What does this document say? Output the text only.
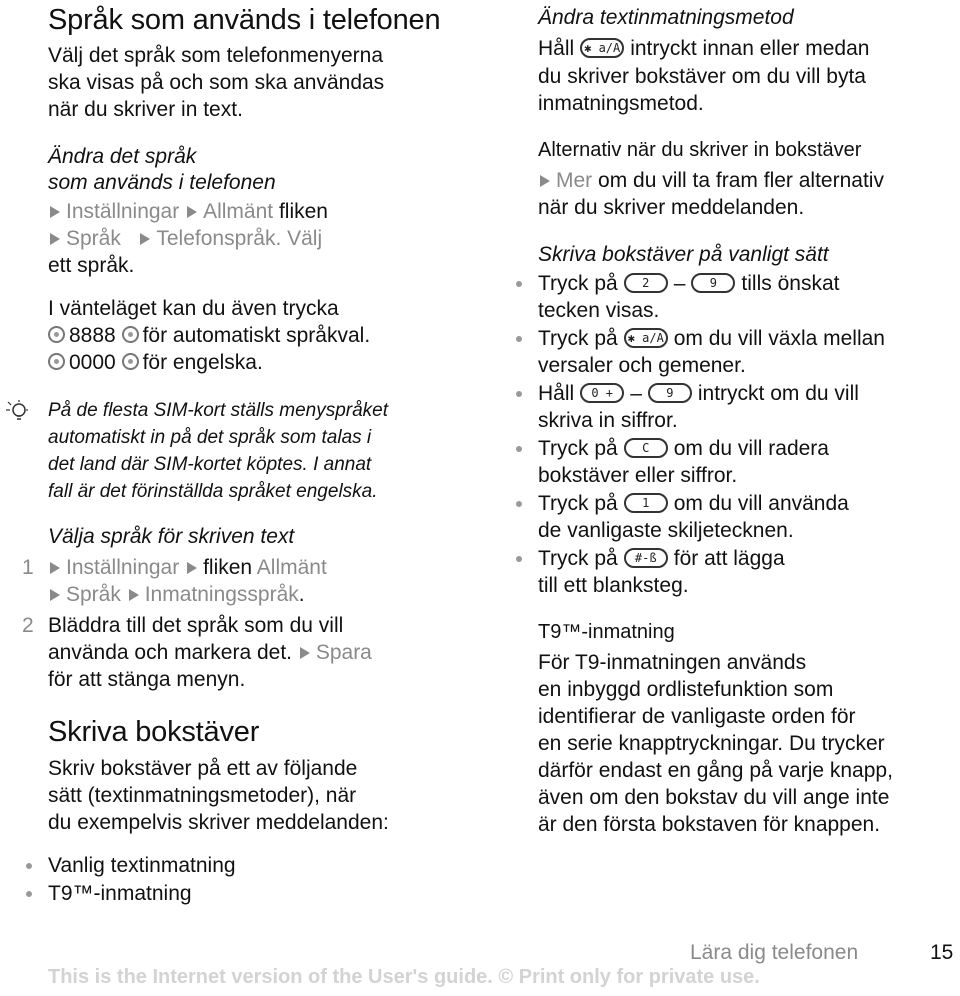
Språk som används i telefonen

Välj det språk som telefonmenyerna

ska visas på och som ska användas

när du skriver in text.

Ändra det språk

som används i telefonen

Inställningar Allmänt fliken

Språk Telefonspråk. Välj

ett språk.

I vänteläget kan du även trycka

8888 för automatiskt språkval.

0000 för engelska.

På de flesta SIM-kort ställs menyspråket

automatiskt in på det språk som talas i

det land där SIM-kortet köptes. I annat

fall är det förinställda språket engelska.

Välja språk för skriven text

1 Inställningar fliken Allmänt

Språk Inmatningsspråk.

2 Bläddra till det språk som du vill

använda och markera det. Spara

för att stänga menyn.

Skriva bokstäver

Skriv bokstäver på ett av följande

sätt (textinmatningsmetoder), när

du exempelvis skriver meddelanden:

Vanlig textinmatning

T9™-inmatning

Ändra textinmatningsmetod

Håll ✱ a/A intryckt innan eller medan

du skriver bokstäver om du vill byta

inmatningsmetod.

Alternativ när du skriver in bokstäver

Mer om du vill ta fram fler alternativ

när du skriver meddelanden.

Skriva bokstäver på vanligt sätt

Tryck på 2 – 9 tills önskat

tecken visas.

Tryck på ✱ a/A om du vill växla mellan

versaler och gemener.

Håll 0 + – 9 intryckt om du vill

skriva in siffror.

Tryck på C om du vill radera

bokstäver eller siffror.

Tryck på 1 om du vill använda

de vanligaste skiljetecknen.

Tryck på #-ß för att lägga

till ett blanksteg.

T9™-inmatning

För T9-inmatningen används

en inbyggd ordlistefunktion som

identifierar de vanligaste orden för

en serie knapptryckningar. Du trycker

därför endast en gång på varje knapp,

även om den bokstav du vill ange inte

är den första bokstaven för knappen.

Lära dig telefonen	15
This is the Internet version of the User's guide. © Print only for private use.
